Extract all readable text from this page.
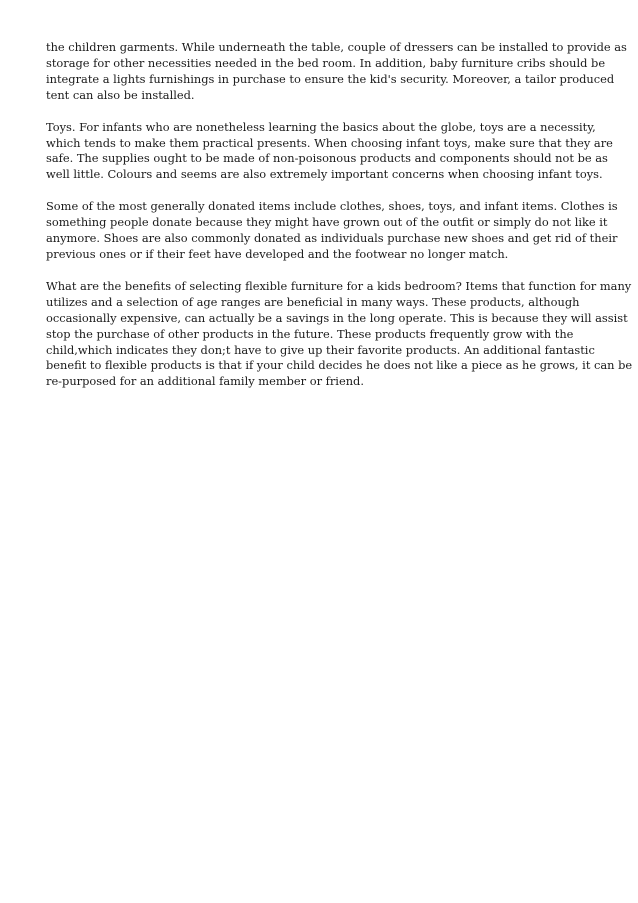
the children garments. While underneath the table, couple of dressers can be installed to provide as
storage for other necessities needed in the bed room. In addition, baby furniture cribs should be
integrate a lights furnishings in purchase to ensure the kid's security. Moreover, a tailor produced
tent can also be installed.

Toys. For infants who are nonetheless learning the basics about the globe, toys are a necessity,
which tends to make them practical presents. When choosing infant toys, make sure that they are
safe. The supplies ought to be made of non-poisonous products and components should not be as
well little. Colours and seems are also extremely important concerns when choosing infant toys.

Some of the most generally donated items include clothes, shoes, toys, and infant items. Clothes is
something people donate because they might have grown out of the outfit or simply do not like it
anymore. Shoes are also commonly donated as individuals purchase new shoes and get rid of their
previous ones or if their feet have developed and the footwear no longer match.

What are the benefits of selecting flexible furniture for a kids bedroom? Items that function for many
utilizes and a selection of age ranges are beneficial in many ways. These products, although
occasionally expensive, can actually be a savings in the long operate. This is because they will assist
stop the purchase of other products in the future. These products frequently grow with the
child,which indicates they don;t have to give up their favorite products. An additional fantastic
benefit to flexible products is that if your child decides he does not like a piece as he grows, it can be
re-purposed for an additional family member or friend.
